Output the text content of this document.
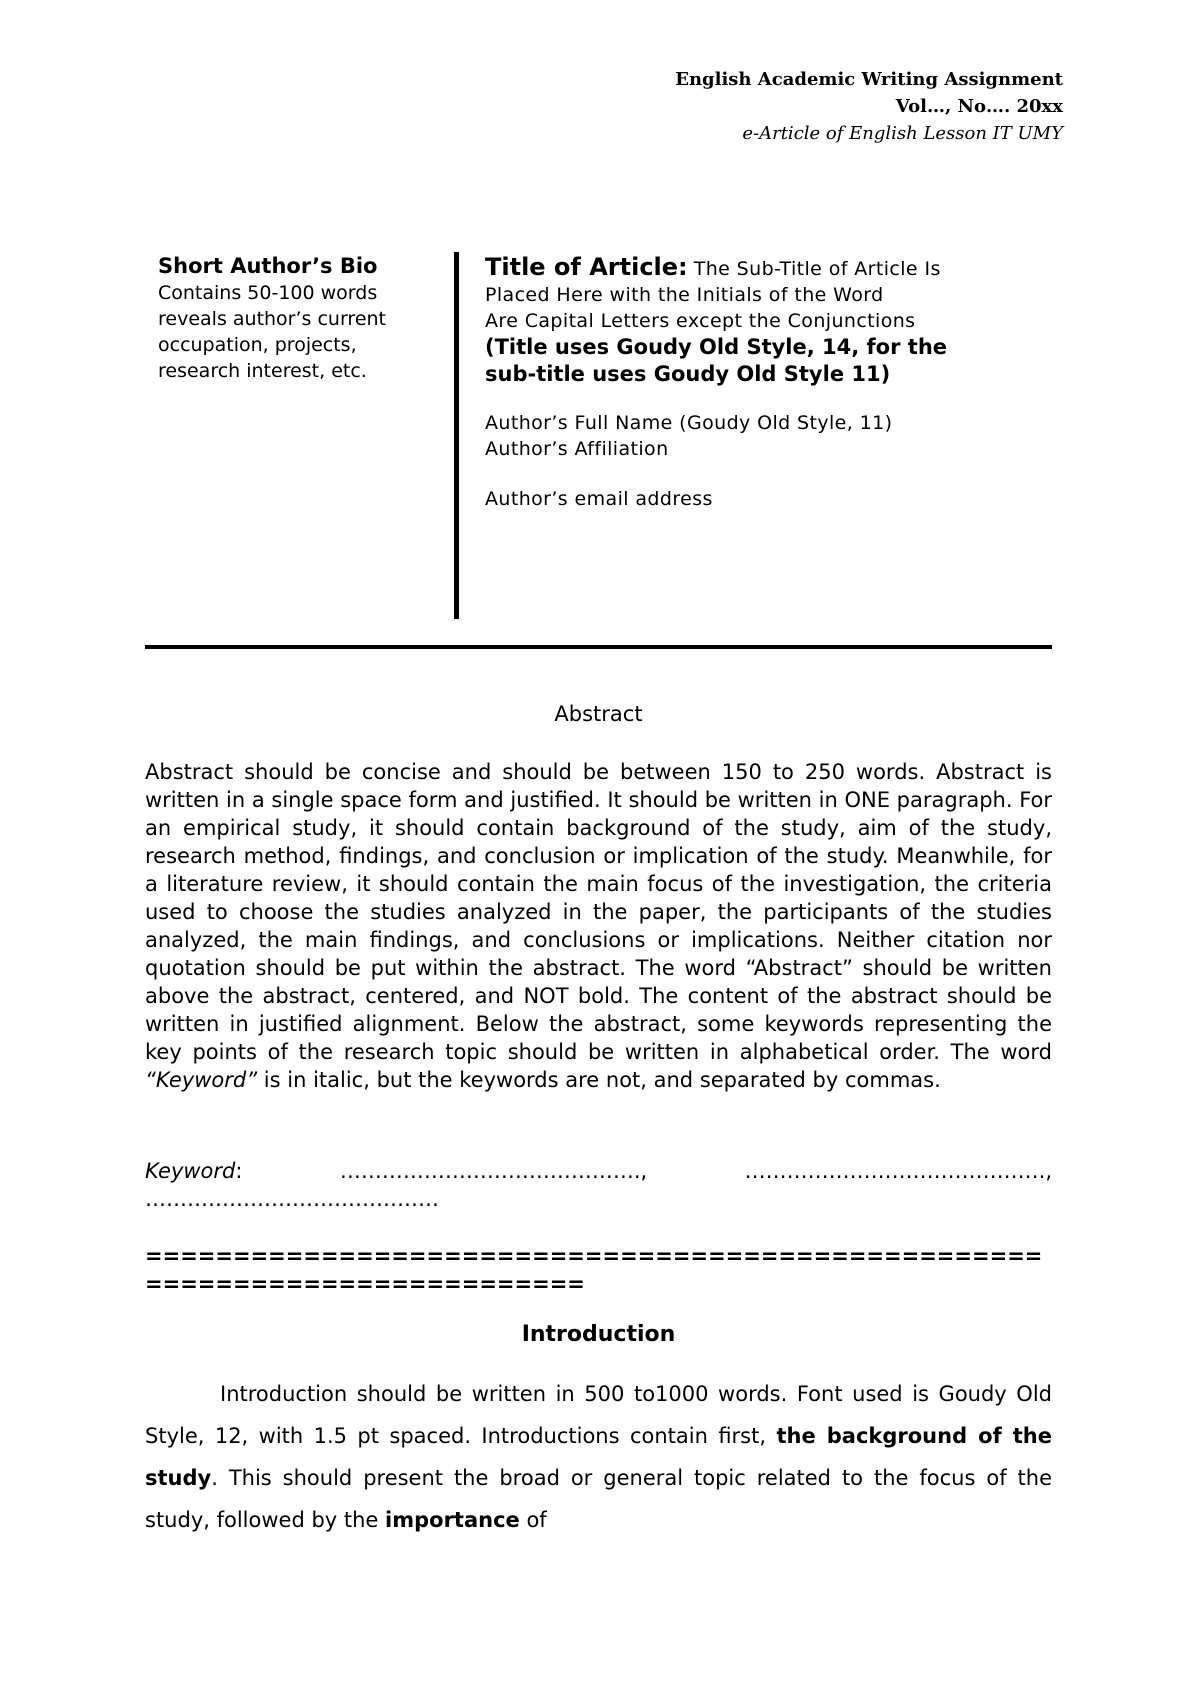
English Academic Writing Assignment
Vol…, No…. 20xx
e-Article of English Lesson IT UMY
Short Author’s Bio
Contains 50-100 words
reveals author’s current
occupation, projects,
research interest, etc.
Title of Article: The Sub-Title of Article Is
Placed Here with the Initials of the Word
Are Capital Letters except the Conjunctions
(Title uses Goudy Old Style, 14, for the
sub-title uses Goudy Old Style 11)
Author’s Full Name (Goudy Old Style, 11)
Author’s Affiliation
Author’s email address
Abstract

Abstract should be concise and should be between 150 to 250 words. Abstract is written in a single space form and justified. It should be written in ONE paragraph. For an empirical study, it should contain background of the study, aim of the study, research method, findings, and conclusion or implication of the study. Meanwhile, for a literature review, it should contain the main focus of the investigation, the criteria used to choose the studies analyzed in the paper, the participants of the studies analyzed, the main findings, and conclusions or implications. Neither citation nor quotation should be put within the abstract. The word “Abstract” should be written above the abstract, centered, and NOT bold. The content of the abstract should be written in justified alignment. Below the abstract, some keywords representing the key points of the research topic should be written in alphabetical order. The word “Keyword” is in italic, but the keywords are not, and separated by commas.

Keyword:	…………………………………….,	…………………………………….,
……………………………………

============================================================================

Introduction

Introduction should be written in 500 to1000 words. Font used is Goudy Old Style, 12, with 1.5 pt spaced. Introductions contain first, the background of the study. This should present the broad or general topic related to the focus of the study, followed by the importance of
